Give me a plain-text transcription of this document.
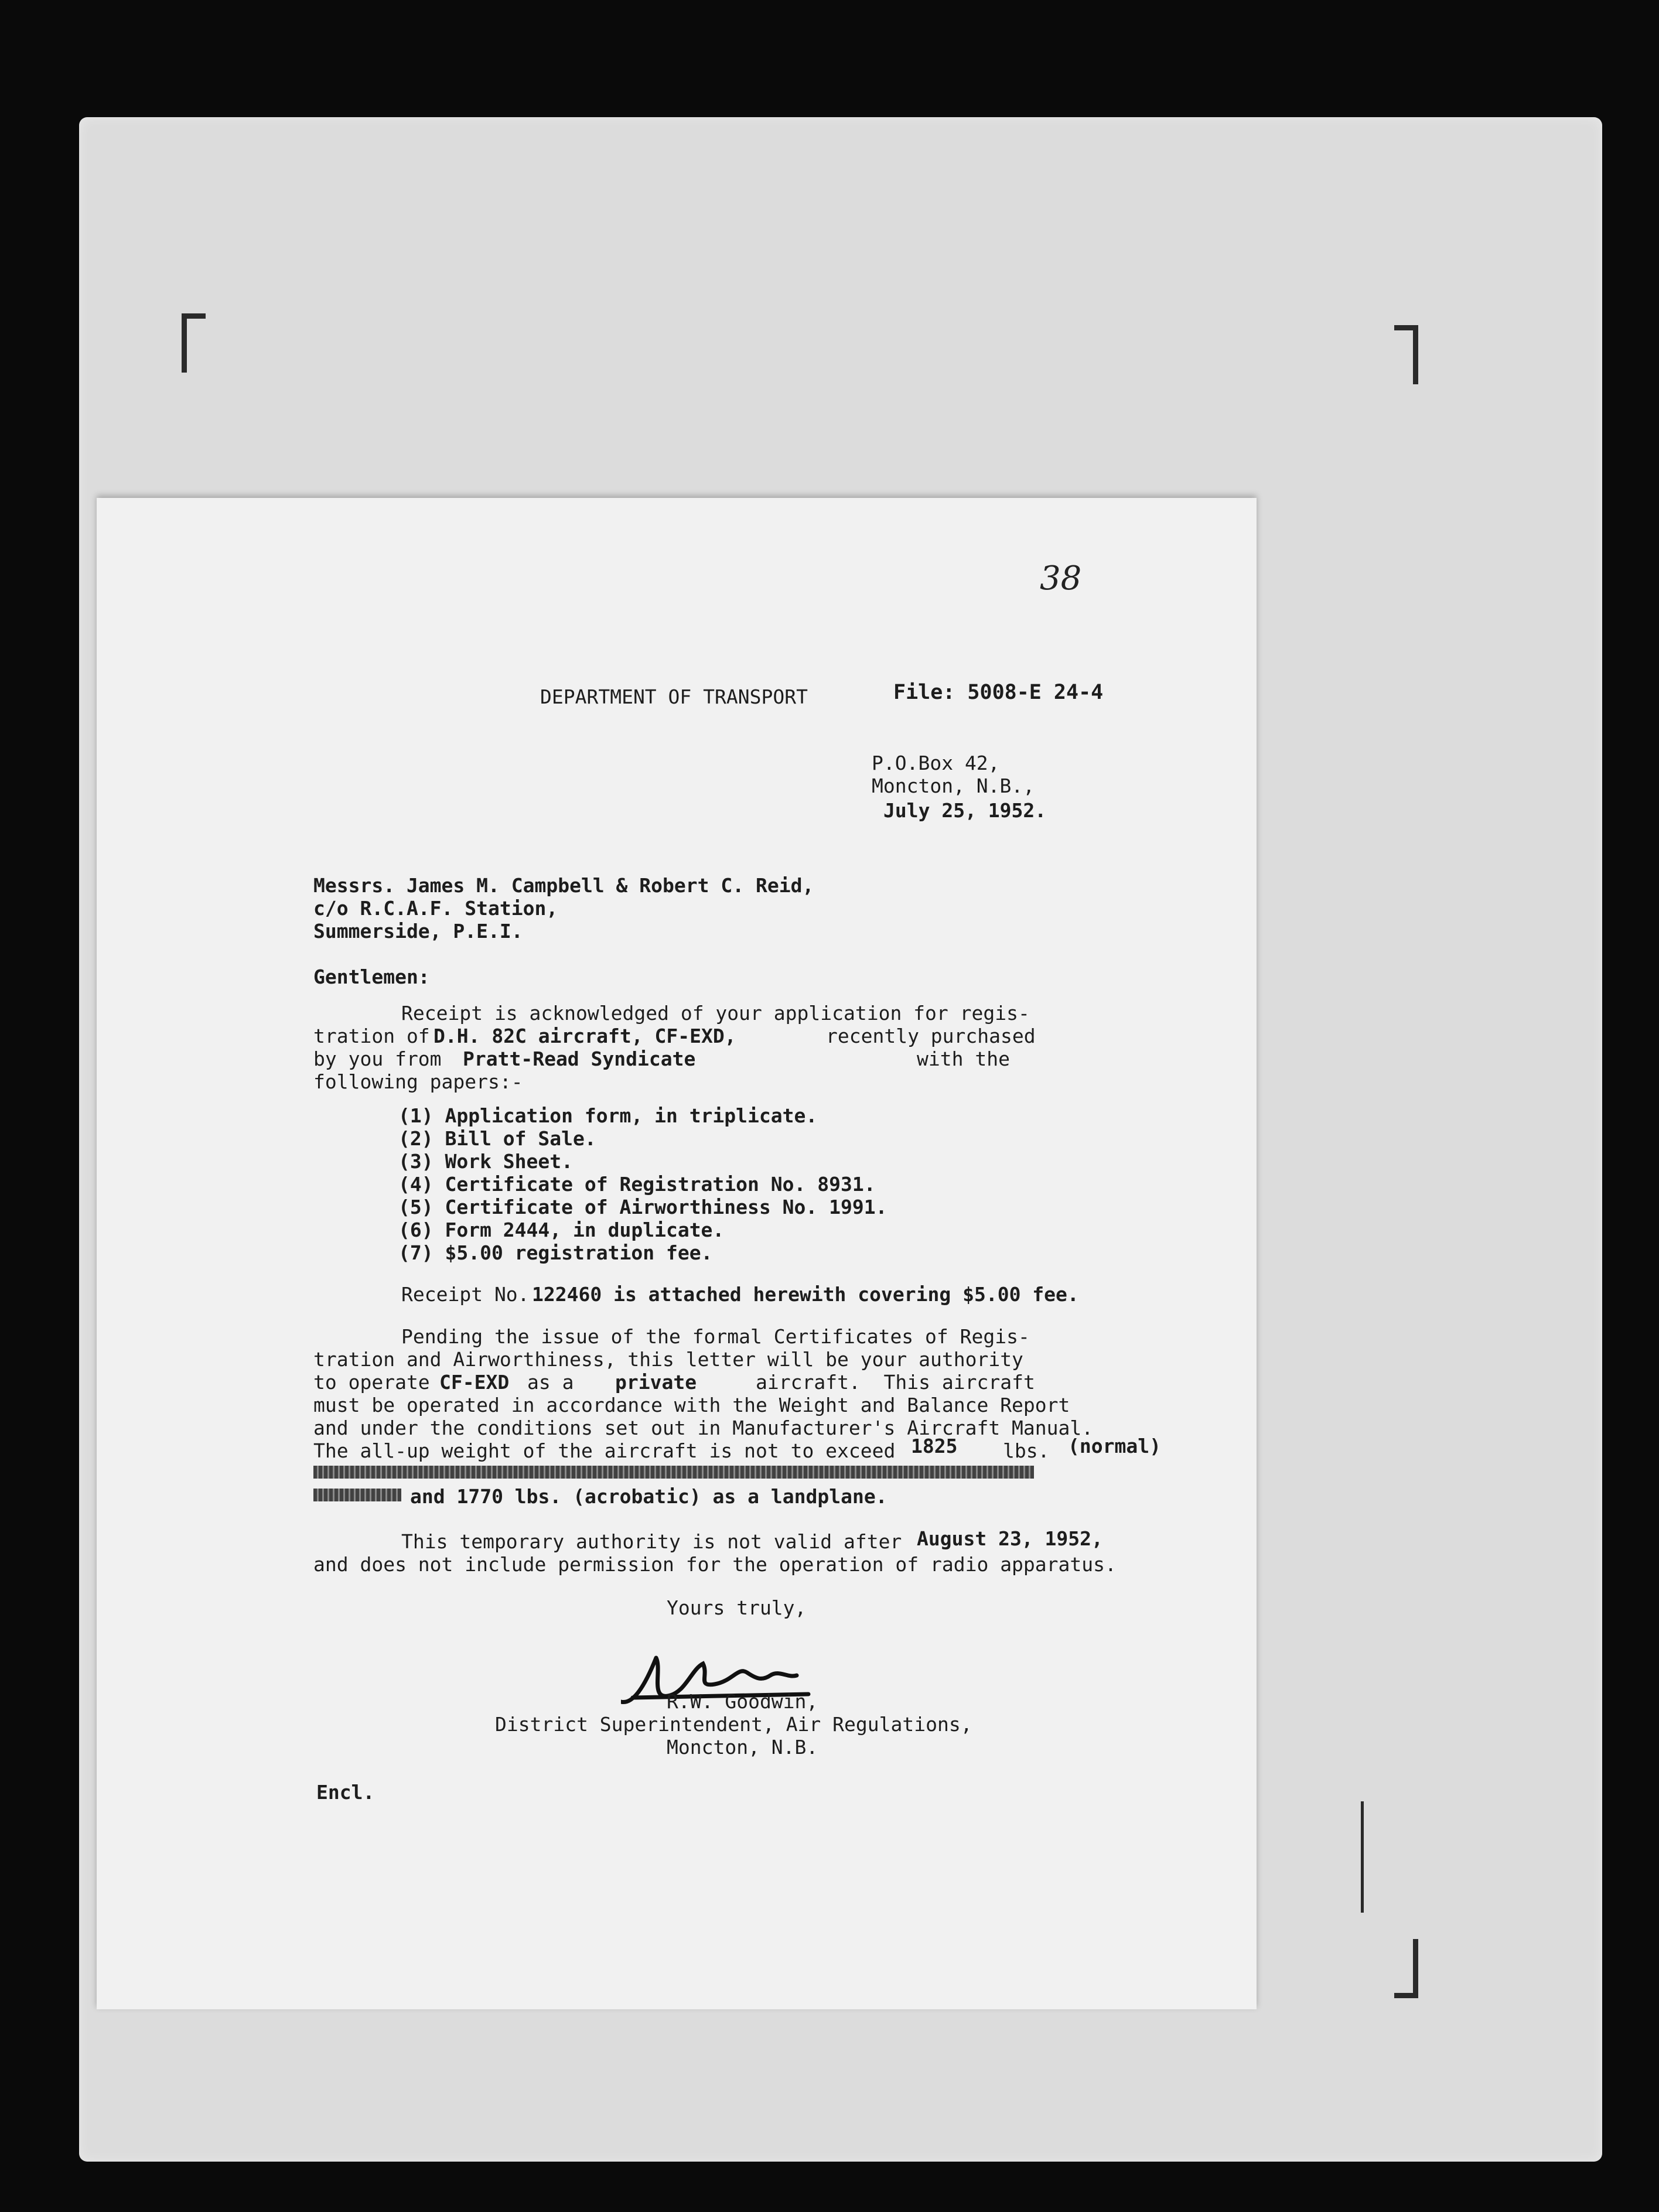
38
DEPARTMENT OF TRANSPORT	File: 5008-E 24-4
P.O.Box 42,
Moncton, N.B.,
July 25, 1952.
Messrs. James M. Campbell & Robert C. Reid,
c/o R.C.A.F. Station,
Summerside, P.E.I.
Gentlemen:
Receipt is acknowledged of your application for regis-
tration of D.H. 82C aircraft, CF-EXD,	recently purchased
by you from Pratt-Read Syndicate	with the
following papers:-
(1) Application form, in triplicate.
(2) Bill of Sale.
(3) Work Sheet.
(4) Certificate of Registration No. 8931.
(5) Certificate of Airworthiness No. 1991.
(6) Form 2444, in duplicate.
(7) $5.00 registration fee.
Receipt No. 122460 is attached herewith covering $5.00 fee.
Pending the issue of the formal Certificates of Regis-
tration and Airworthiness, this letter will be your authority
to operate CF-EXD as a private	aircraft.  This aircraft
must be operated in accordance with the Weight and Balance Report
and under the conditions set out in Manufacturer's Aircraft Manual.
The all-up weight of the aircraft is not to exceed 1825 lbs. (normal)
and 1770 lbs. (acrobatic) as a landplane.
This temporary authority is not valid after August 23, 1952,
and does not include permission for the operation of radio apparatus.
Yours truly,
R.W. Goodwin,
District Superintendent, Air Regulations,
Moncton, N.B.
Encl.
